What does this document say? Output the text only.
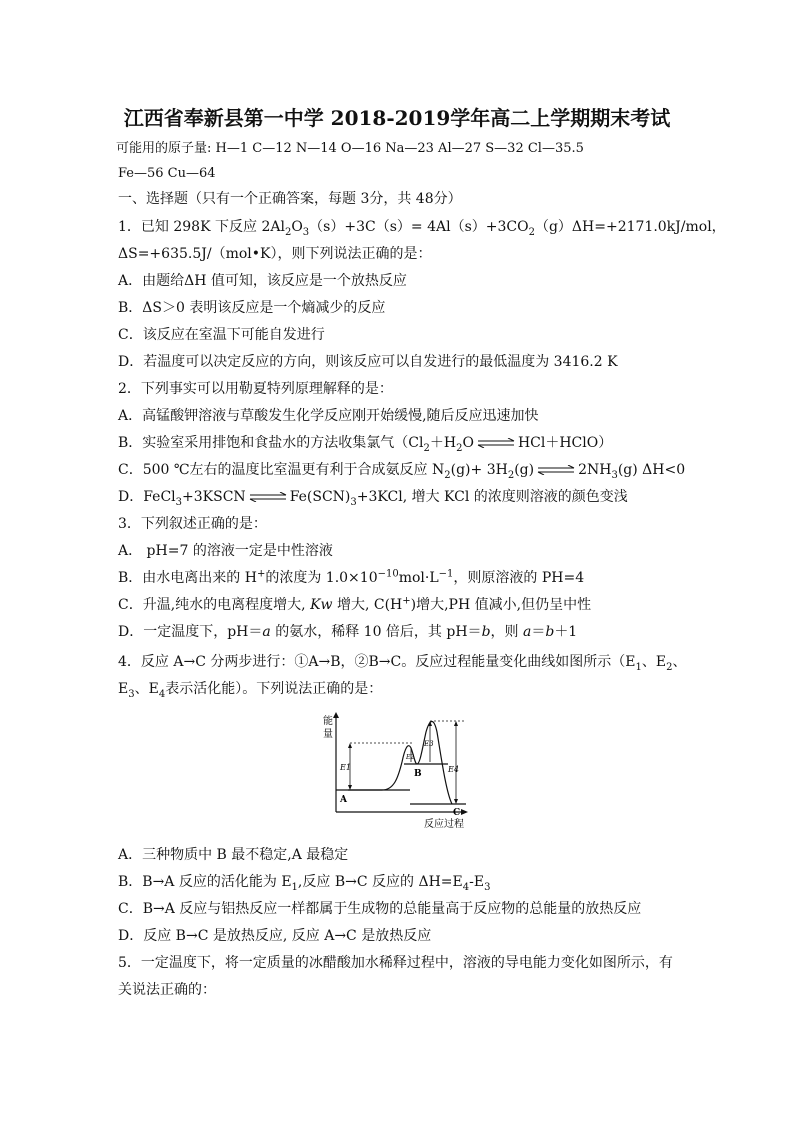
江西省奉新县第一中学 2018-2019学年高二上学期期末考试
可能用的原子量: H—1 C—12 N—14 O—16 Na—23 Al—27 S—32 Cl—35.5
Fe—56 Cu—64
一、选择题（只有一个正确答案，每题 3分，共 48分）
1．已知 298K 下反应 $2Al_2O_3(s)+3C(s)= 4Al(s)+3CO_2(g)\Delta H=+2171.0kJ/mol$，
ΔS=+635.5J/（mol•K），则下列说法正确的是：
A．由题给ΔH 值可知，该反应是一个放热反应
B．ΔS＞0 表明该反应是一个熵减少的反应
C．该反应在室温下可能自发进行
D．若温度可以决定反应的方向，则该反应可以自发进行的最低温度为 3416.2 K
2．下列事实可以用勒夏特列原理解释的是：
A．高锰酸钾溶液与草酸发生化学反应刚开始缓慢,随后反应迅速加快
B．实验室采用排饱和食盐水的方法收集氯气（$Cl_2+H_2O$ ⇌ HCl＋HClO）
C．500 ℃左右的温度比室温更有利于合成氨反应 $N_2(g)+ 3H_2(g)$ ⇌ $2NH_3(g)$ ΔH<0
D．FeCl$_3$+3KSCN ⇌ $Fe(SCN)_3+3KCl$, 增大 KCl 的浓度则溶液的颜色变浅
3．下列叙述正确的是：
A． pH=7 的溶液一定是中性溶液
B．由水电离出来的 H+的浓度为 $1.0\times 10^{-10}mol\cdot L^{-1}$，则原溶液的 PH=4
C．升温,纯水的电离程度增大, Kw 增大, C(H+)增大,PH 值减小,但仍呈中性
D．一定温度下，pH＝a 的氨水，稀释 10 倍后，其 pH＝b，则 a＝b＋1
4．反应 A→C 分两步进行：①A→B，②B→C。反应过程能量变化曲线如图所示（$E_1$、$E_2$、
$E_3$、$E_4$表示活化能）。下列说法正确的是：
能
量
反应过程
A
B
C
E1
E2
E3
E4
A．三种物质中 B 最不稳定,A 最稳定
B．B→A 反应的活化能为 $E_1$,反应 B→C 反应的 $\Delta H=E_4-E_3$
C．B→A 反应与铝热反应一样都属于生成物的总能量高于反应物的总能量的放热反应
D．反应 B→C 是放热反应, 反应 A→C 是放热反应
5．一定温度下，将一定质量的冰醋酸加水稀释过程中，溶液的导电能力变化如图所示，有
关说法正确的：
